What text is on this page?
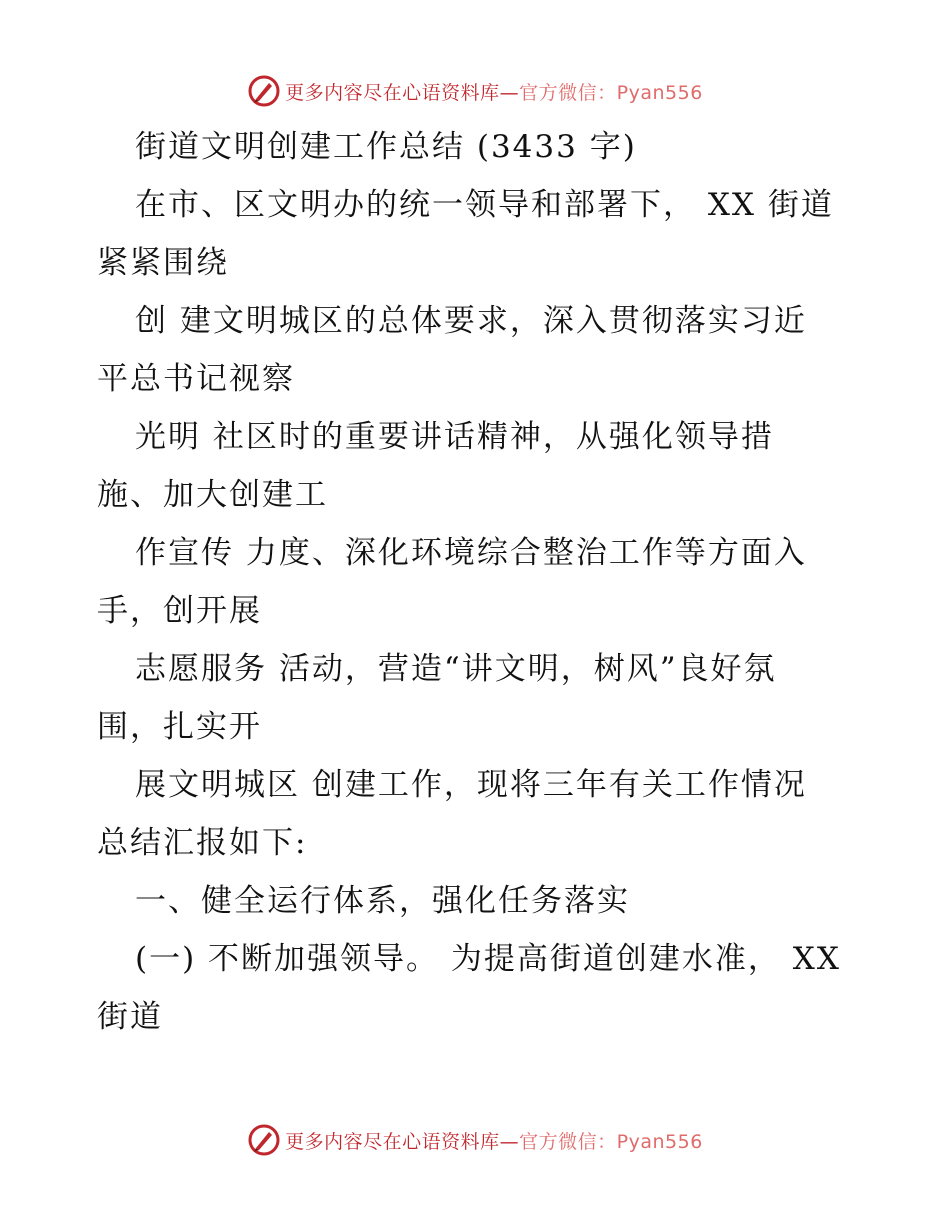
更多内容尽在心语资料库—官方微信：Pyan556
街道文明创建工作总结 (3433 字)
在市、区文明办的统一领导和部署下， XX 街道
紧紧围绕
创 建文明城区的总体要求，深入贯彻落实习近
平总书记视察
光明 社区时的重要讲话精神，从强化领导措
施、加大创建工
作宣传 力度、深化环境综合整治工作等方面入
手，创开展
志愿服务 活动，营造“讲文明，树风”良好氛
围，扎实开
展文明城区 创建工作，现将三年有关工作情况
总结汇报如下:
一、健全运行体系，强化任务落实
(一) 不断加强领导。 为提高街道创建水准， XX
街道
更多内容尽在心语资料库—官方微信：Pyan556
